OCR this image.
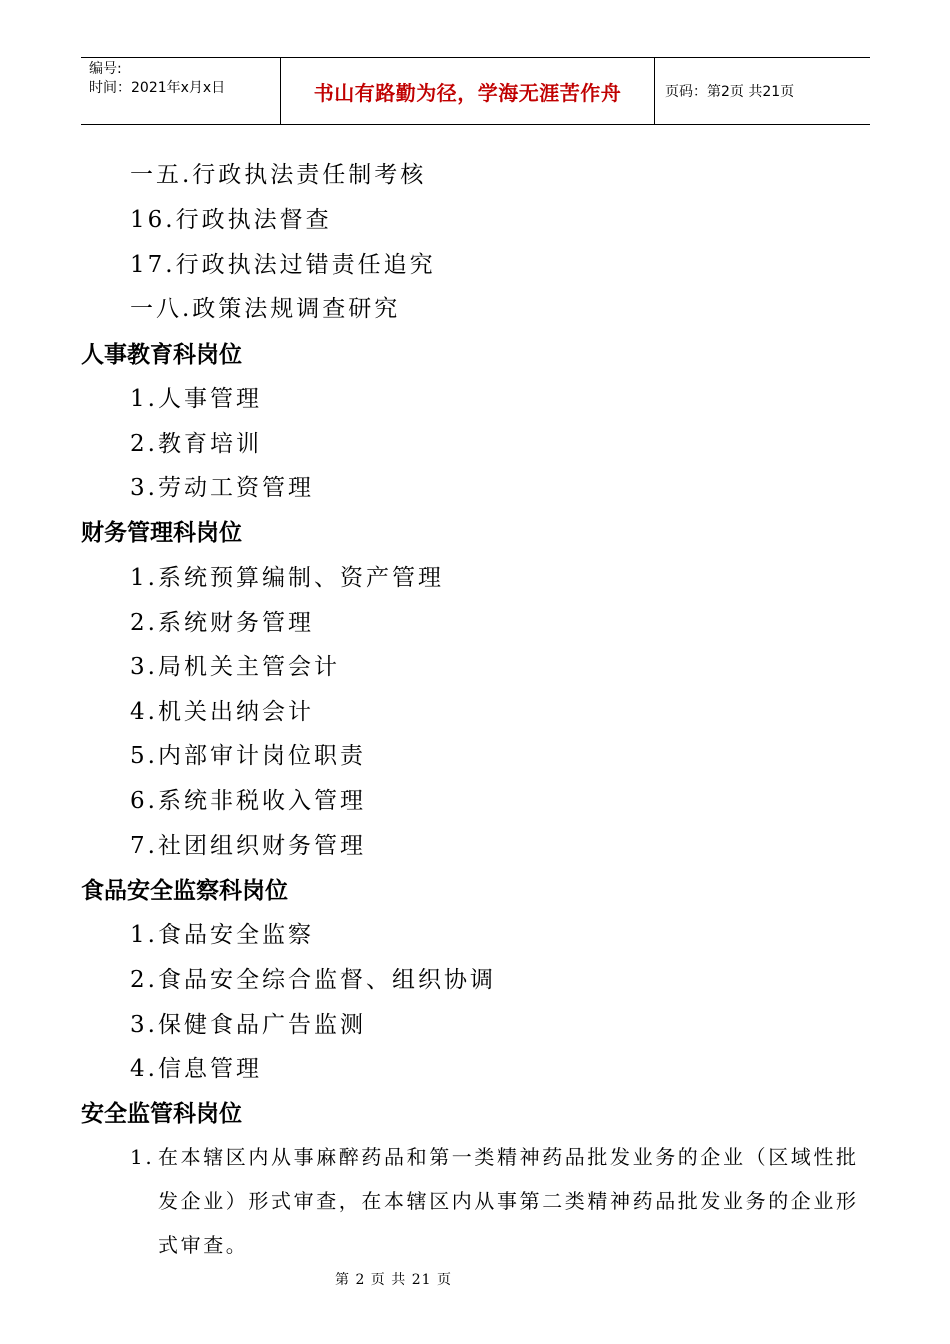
编号:
时间：2021年x月x日	书山有路勤为径，学海无涯苦作舟	页码：第2页 共21页
一五.行政执法责任制考核
16.行政执法督查
17.行政执法过错责任追究
一八.政策法规调查研究
人事教育科岗位
1.人事管理
2.教育培训
3.劳动工资管理
财务管理科岗位
1.系统预算编制、资产管理
2.系统财务管理
3.局机关主管会计
4.机关出纳会计
5.内部审计岗位职责
6.系统非税收入管理
7.社团组织财务管理
食品安全监察科岗位
1.食品安全监察
2.食品安全综合监督、组织协调
3.保健食品广告监测
4.信息管理
安全监管科岗位
1. 在本辖区内从事麻醉药品和第一类精神药品批发业务的企业（区域性批
发企业）形式审查，在本辖区内从事第二类精神药品批发业务的企业形
式审查。
第 2 页 共 21 页
